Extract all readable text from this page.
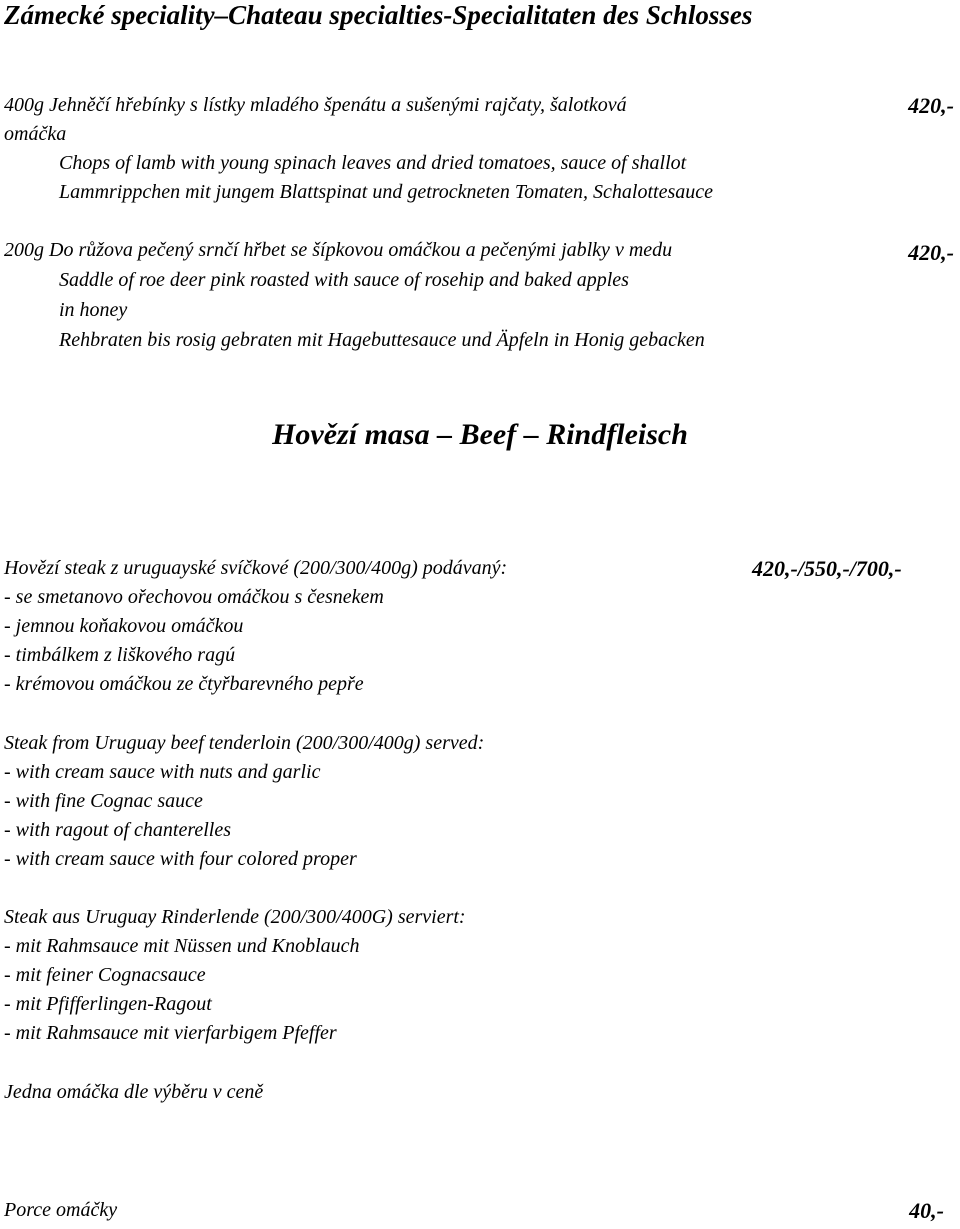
Zámecké speciality–Chateau specialties-Specialitaten des Schlosses
400g Jehněčí hřebínky s lístky mladého špenátu a sušenými rajčaty, šalotková
omáčka
Chops of lamb with young spinach leaves and dried tomatoes, sauce of shallot
Lammrippchen mit jungem Blattspinat und getrockneten Tomaten, Schalottesauce
420,-
200g Do růžova pečený srnčí hřbet se šípkovou omáčkou a pečenými jablky v medu
Saddle of roe deer pink roasted with sauce of rosehip and baked apples
in honey
Rehbraten bis rosig gebraten mit Hagebuttesauce und Äpfeln in Honig gebacken
420,-
Hovězí masa – Beef – Rindfleisch
Hovězí steak z uruguayské svíčkové (200/300/400g) podávaný:	420,-/550,-/700,-
- se smetanovo ořechovou omáčkou s česnekem
- jemnou koňakovou omáčkou
- timbálkem z liškového ragú
- krémovou omáčkou ze čtyřbarevného pepře
Steak from Uruguay beef tenderloin (200/300/400g) served:
- with cream sauce with nuts and garlic
- with fine Cognac sauce
- with ragout of chanterelles
- with cream sauce with four colored proper
Steak aus Uruguay Rinderlende (200/300/400G) serviert:
- mit Rahmsauce mit Nüssen und Knoblauch
- mit feiner Cognacsauce
- mit Pfifferlingen-Ragout
- mit Rahmsauce mit vierfarbigem Pfeffer
Jedna omáčka dle výběru v ceně
Porce omáčky	40,-
